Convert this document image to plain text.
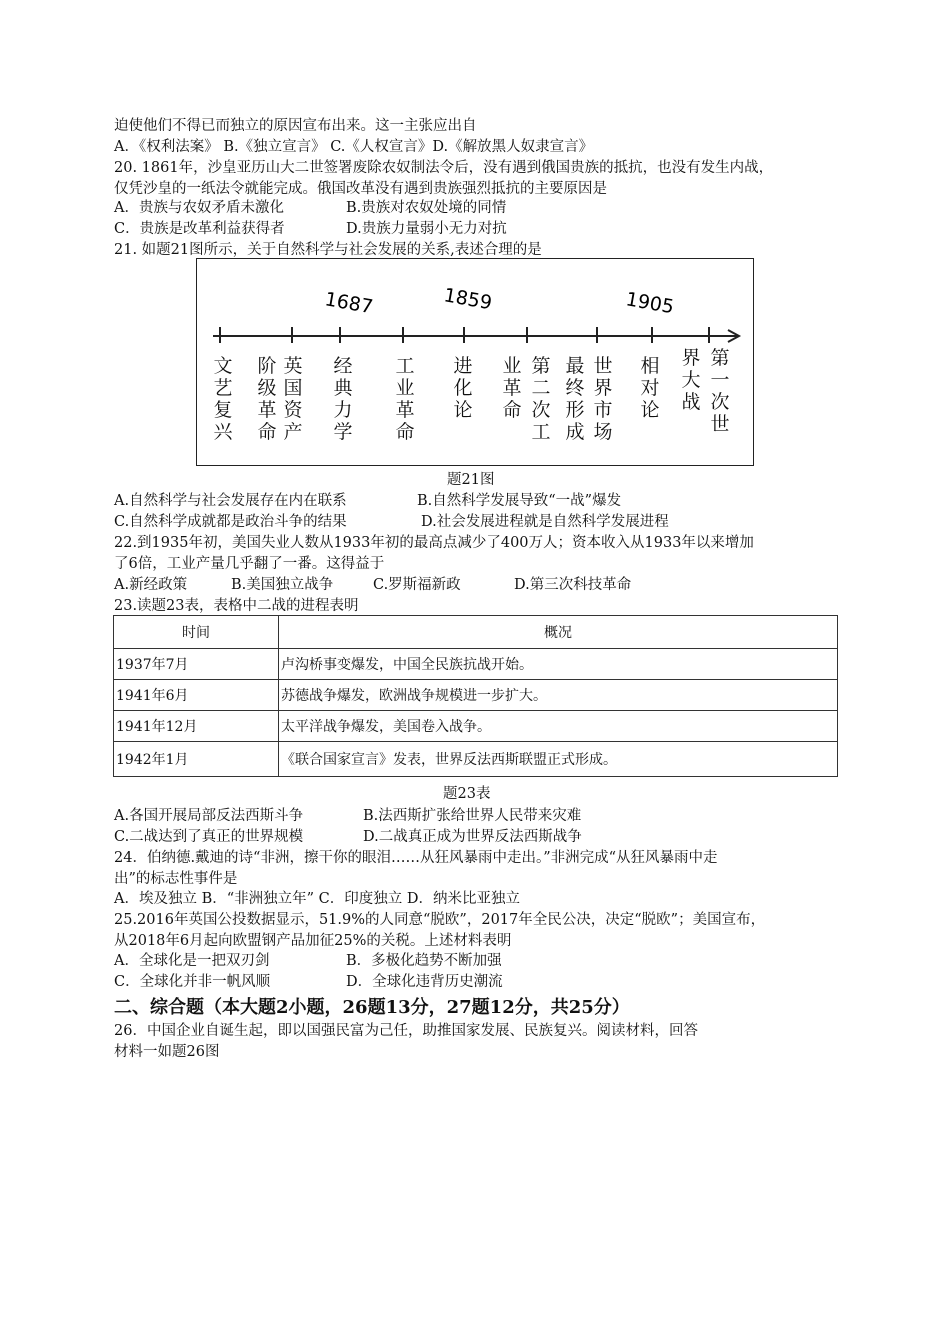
迫使他们不得已而独立的原因宣布出来。这一主张应出自
A．《权利法案》 B.《独立宣言》 C.《人权宣言》D.《解放黑人奴隶宣言》
20. 1861年，沙皇亚历山大二世签署废除农奴制法令后，没有遇到俄国贵族的抵抗，也没有发生内战，
仅凭沙皇的一纸法令就能完成。俄国改革没有遇到贵族强烈抵抗的主要原因是
A．贵族与农奴矛盾未激化	B.贵族对农奴处境的同情
C．贵族是改革利益获得者	D.贵族力量弱小无力对抗
21. 如题21图所示，关于自然科学与社会发展的关系,表述合理的是
1687	1859	1905
文
艺
复
兴
阶
级
革
命
英
国
资
产
经
典
力
学
工
业
革
命
进
化
论
业
革
命
第
二
次
工
最
终
形
成
世
界
市
场
相
对
论
界
大
战
第
一
次
世
题21图
A.自然科学与社会发展存在内在联系	B.自然科学发展导致“一战”爆发
C.自然科学成就都是政治斗争的结果	D.社会发展进程就是自然科学发展进程
22.到1935年初，美国失业人数从1933年初的最高点减少了400万人；资本收入从1933年以来增加
了6倍，工业产量几乎翻了一番。这得益于
A.新经政策	B.美国独立战争	C.罗斯福新政	D.第三次科技革命
23.读题23表，表格中二战的进程表明
时间	概况
1937年7月	卢沟桥事变爆发，中国全民族抗战开始。
1941年6月	苏德战争爆发，欧洲战争规模进一步扩大。
1941年12月	太平洋战争爆发，美国卷入战争。
1942年1月	《联合国家宣言》发表，世界反法西斯联盟正式形成。
题23表
A.各国开展局部反法西斯斗争	B.法西斯扩张给世界人民带来灾难
C.二战达到了真正的世界规模	D.二战真正成为世界反法西斯战争
24．伯纳德.戴迪的诗“非洲，擦干你的眼泪……从狂风暴雨中走出。”非洲完成“从狂风暴雨中走
出”的标志性事件是
A．埃及独立 B．“非洲独立年” C．印度独立 D．纳米比亚独立
25.2016年英国公投数据显示，51.9%的人同意“脱欧”，2017年全民公决，决定“脱欧”；美国宣布，
从2018年6月起向欧盟钢产品加征25%的关税。上述材料表明
A．全球化是一把双刃剑	B．多极化趋势不断加强
C．全球化并非一帆风顺	D．全球化违背历史潮流
二、综合题（本大题2小题，26题13分，27题12分，共25分）
26．中国企业自诞生起，即以国强民富为己任，助推国家发展、民族复兴。阅读材料，回答
材料一如题26图
